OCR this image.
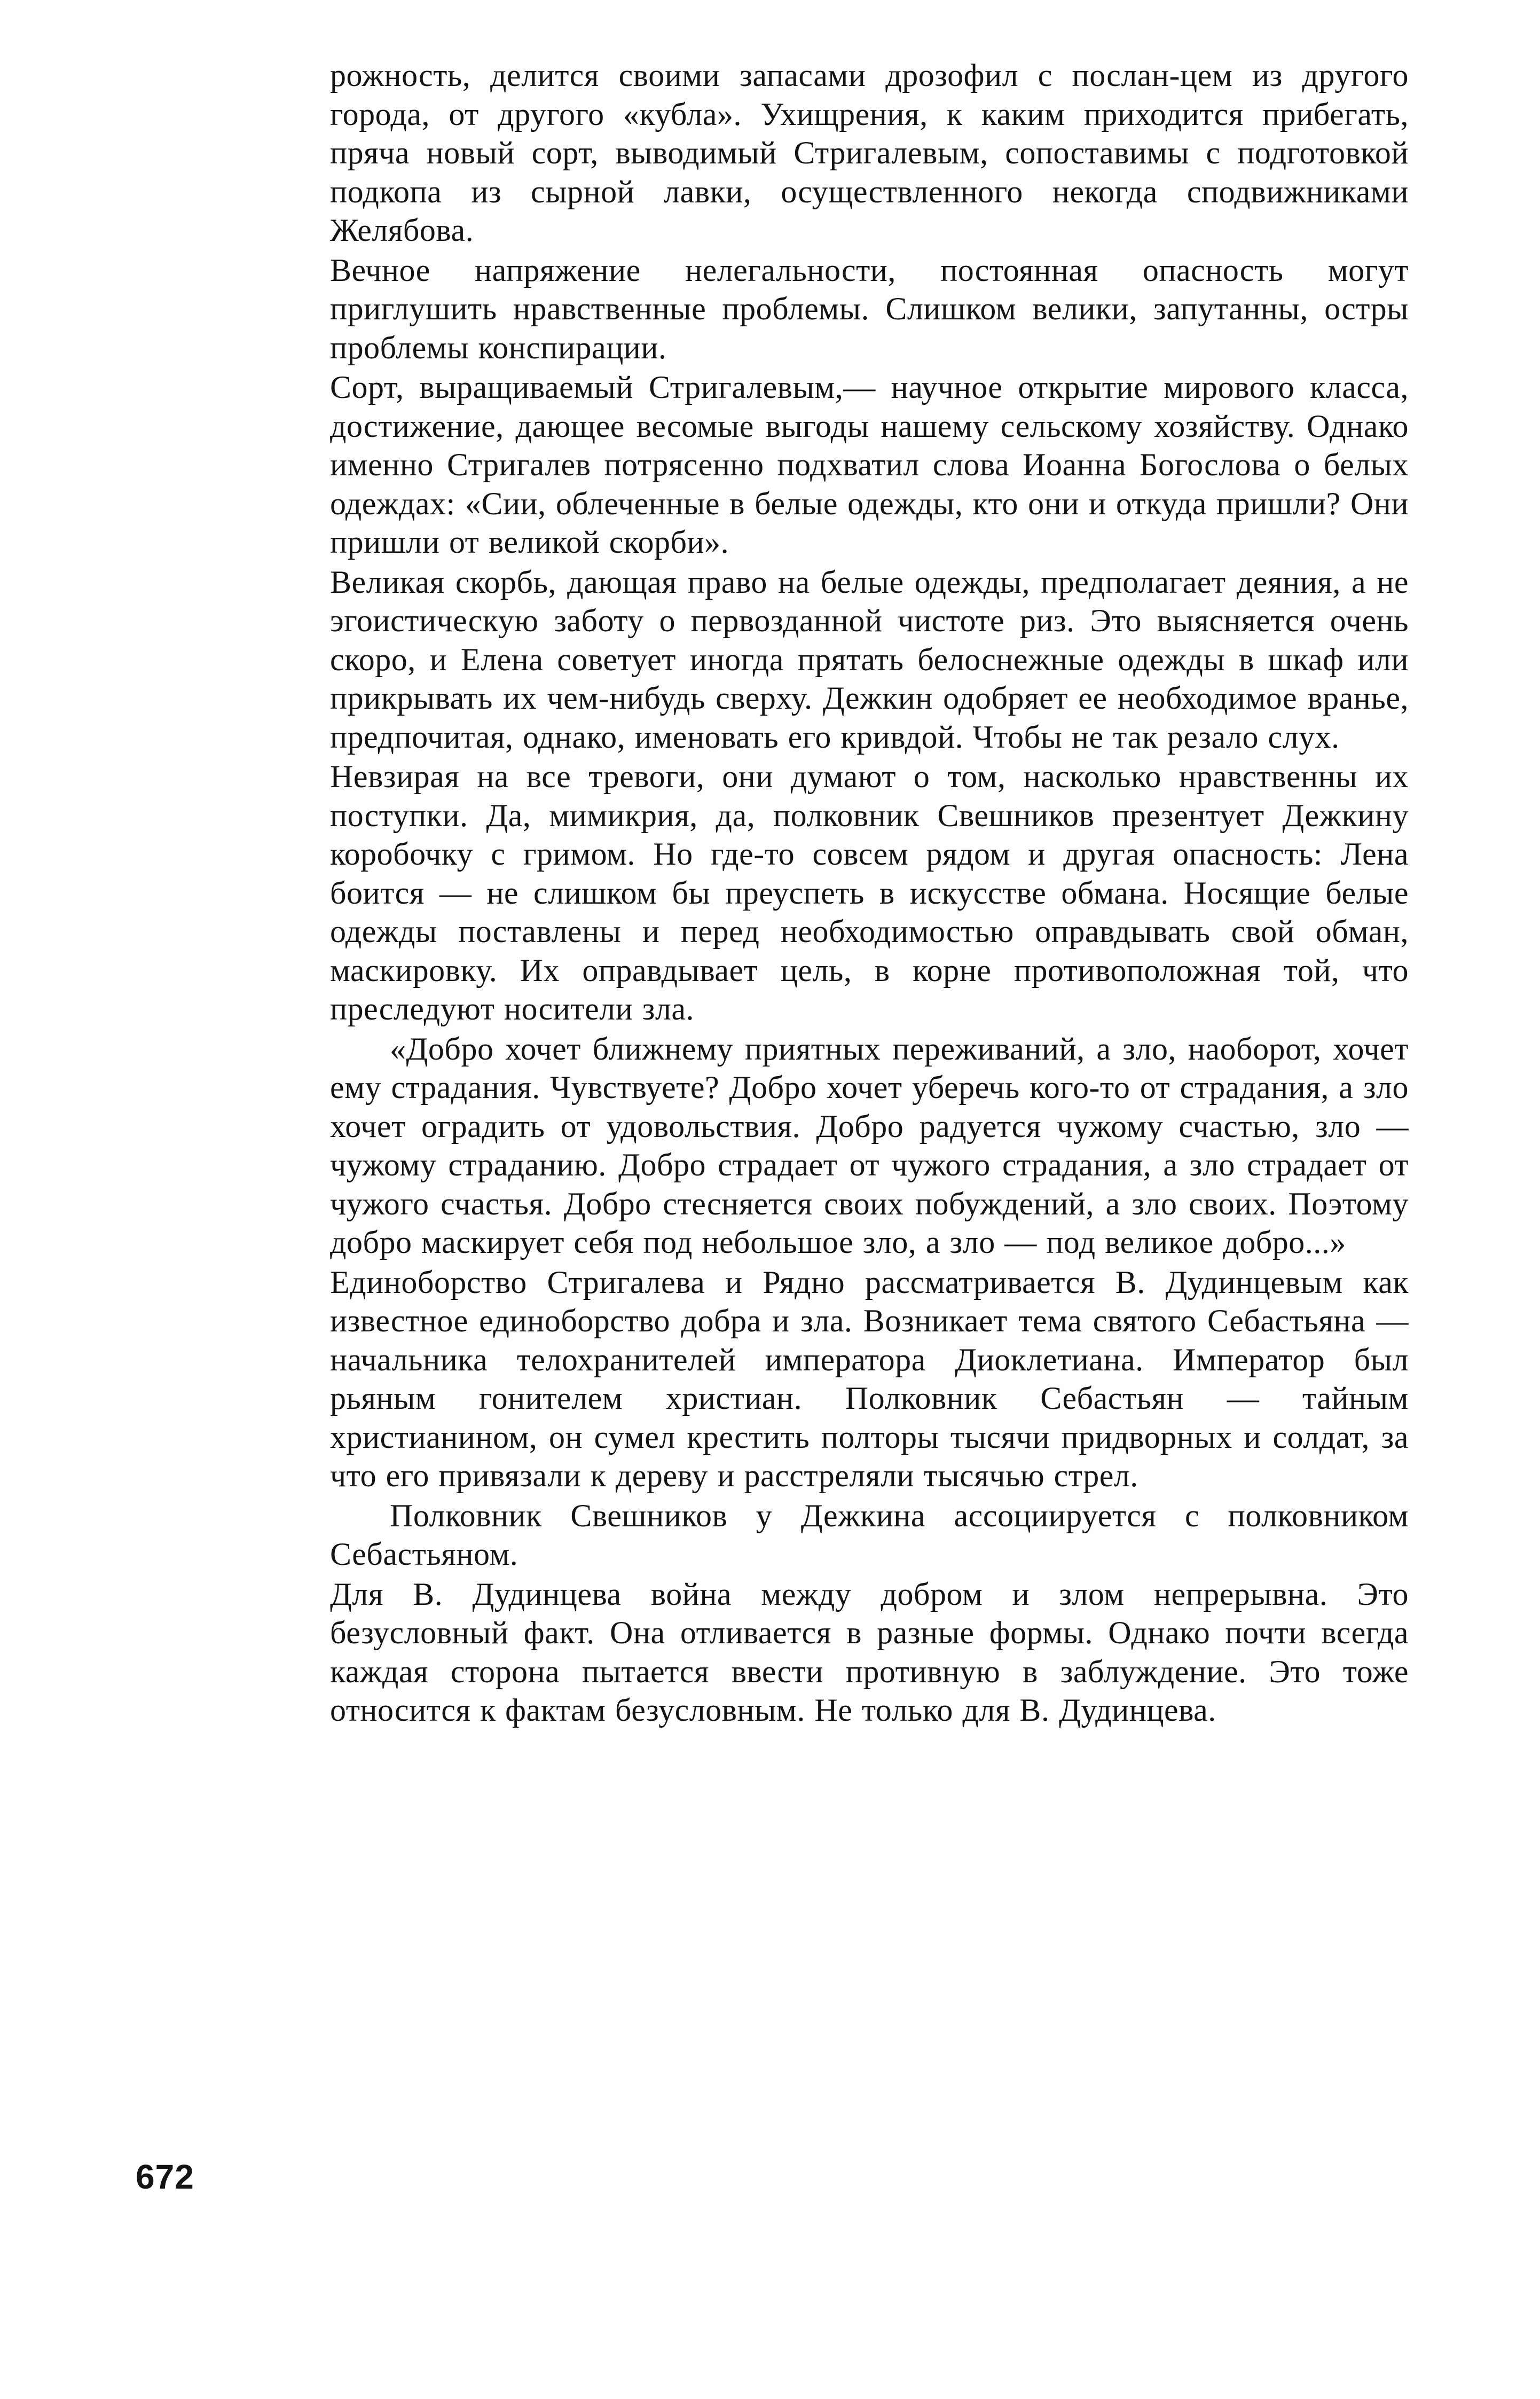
рожность, делится своими запасами дрозофил с послан-цем из другого города, от другого «кубла». Ухищрения, к каким приходится прибегать, пряча новый сорт, выводимый Стригалевым, сопоставимы с подготовкой подкопа из сырной лавки, осуществленного некогда сподвижниками Желябова.

Вечное напряжение нелегальности, постоянная опасность могут приглушить нравственные проблемы. Слишком велики, запутанны, остры проблемы конспирации.

Сорт, выращиваемый Стригалевым,— научное открытие мирового класса, достижение, дающее весомые выгоды нашему сельскому хозяйству. Однако именно Стригалев потрясенно подхватил слова Иоанна Богослова о белых одеждах: «Сии, облеченные в белые одежды, кто они и откуда пришли? Они пришли от великой скорби».

Великая скорбь, дающая право на белые одежды, предполагает деяния, а не эгоистическую заботу о первозданной чистоте риз. Это выясняется очень скоро, и Елена советует иногда прятать белоснежные одежды в шкаф или прикрывать их чем-нибудь сверху. Дежкин одобряет ее необходимое вранье, предпочитая, однако, именовать его кривдой. Чтобы не так резало слух.

Невзирая на все тревоги, они думают о том, насколько нравственны их поступки. Да, мимикрия, да, полковник Свешников презентует Дежкину коробочку с гримом. Но где-то совсем рядом и другая опасность: Лена боится — не слишком бы преуспеть в искусстве обмана. Носящие белые одежды поставлены и перед необходимостью оправдывать свой обман, маскировку. Их оправдывает цель, в корне противоположная той, что преследуют носители зла.

«Добро хочет ближнему приятных переживаний, а зло, наоборот, хочет ему страдания. Чувствуете? Добро хочет уберечь кого-то от страдания, а зло хочет оградить от удовольствия. Добро радуется чужому счастью, зло — чужому страданию. Добро страдает от чужого страдания, а зло страдает от чужого счастья. Добро стесняется своих побуждений, а зло своих. Поэтому добро маскирует себя под небольшое зло, а зло — под великое добро...»

Единоборство Стригалева и Рядно рассматривается В. Дудинцевым как известное единоборство добра и зла. Возникает тема святого Себастьяна — начальника телохранителей императора Диоклетиана. Император был рьяным гонителем христиан. Полковник Себастьян — тайным христианином, он сумел крестить полторы тысячи придворных и солдат, за что его привязали к дереву и расстреляли тысячью стрел.

Полковник Свешников у Дежкина ассоциируется с полковником Себастьяном.

Для В. Дудинцева война между добром и злом непрерывна. Это безусловный факт. Она отливается в разные формы. Однако почти всегда каждая сторона пытается ввести противную в заблуждение. Это тоже относится к фактам безусловным. Не только для В. Дудинцева.

672
